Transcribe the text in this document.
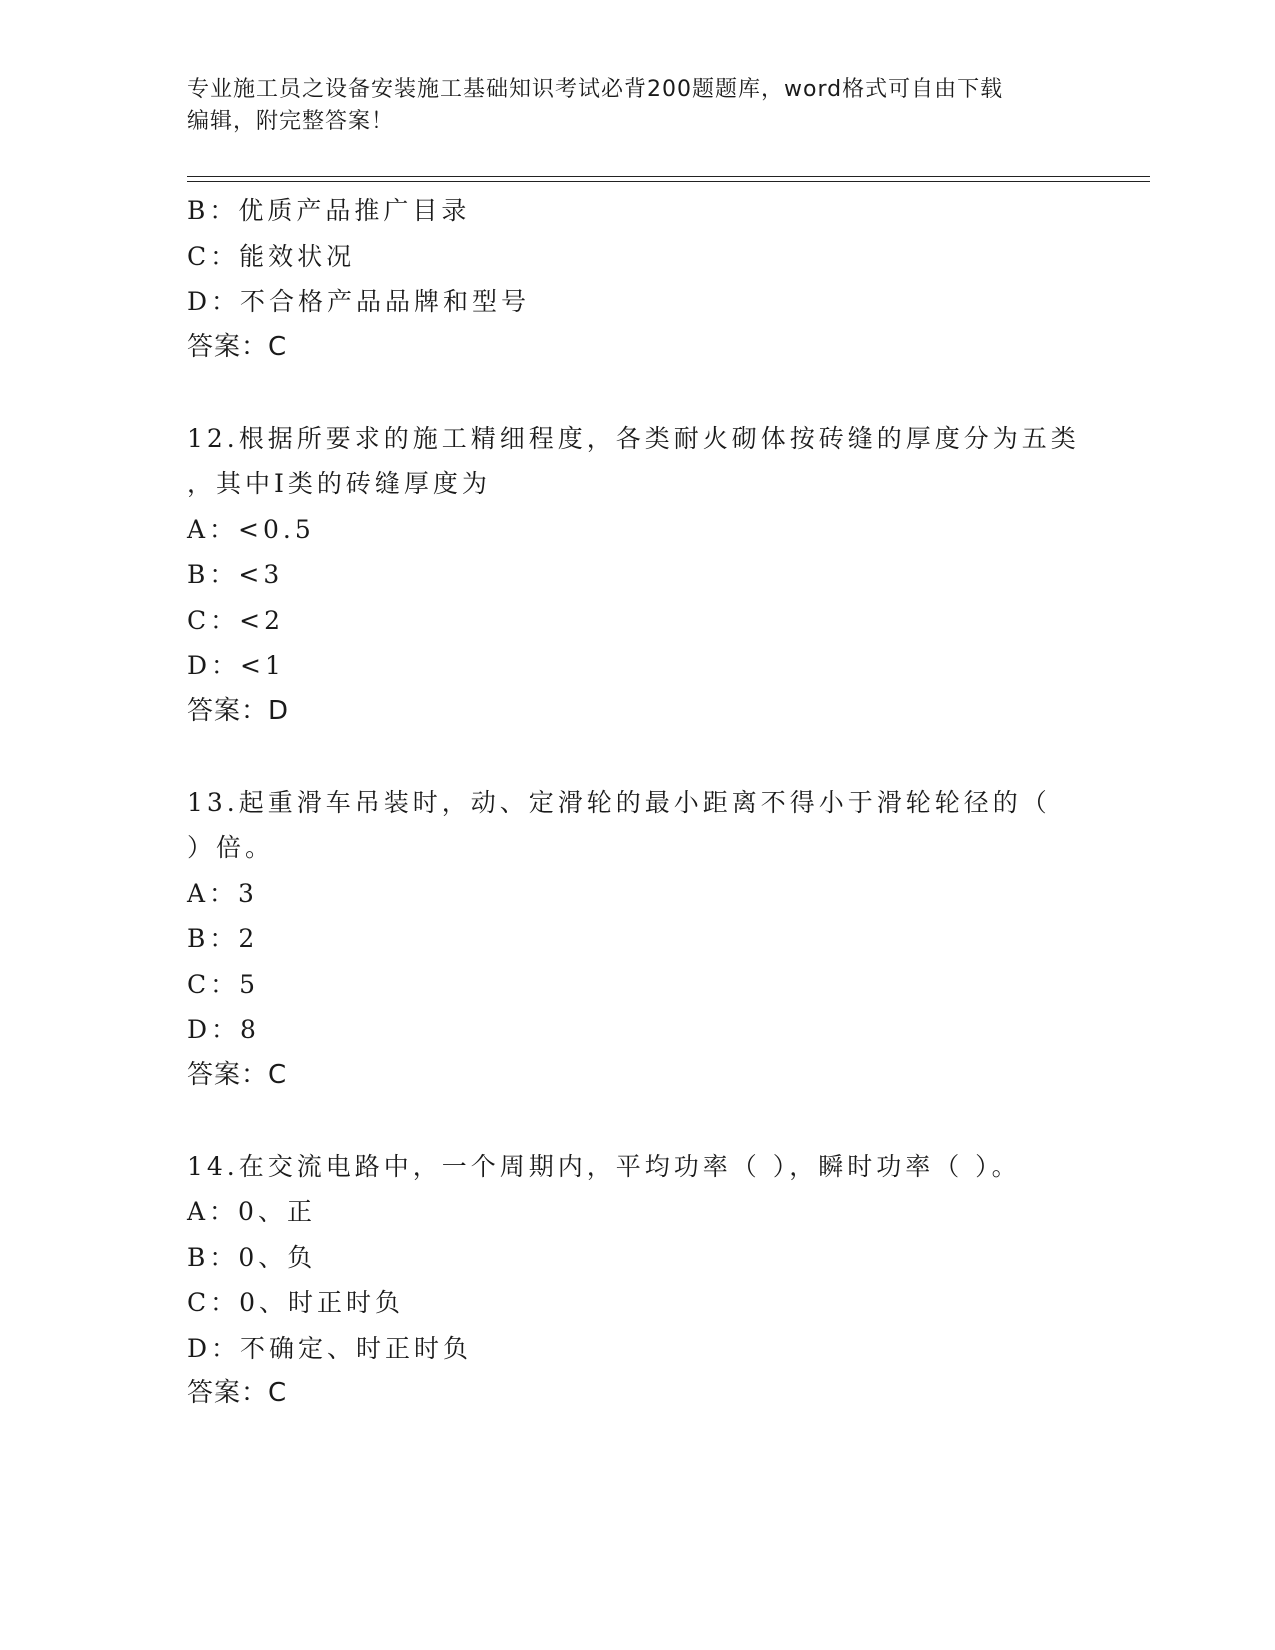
专业施工员之设备安装施工基础知识考试必背200题题库，word格式可自由下载
编辑，附完整答案！
B：优质产品推广目录
C：能效状况
D：不合格产品品牌和型号
答案：C
12.根据所要求的施工精细程度，各类耐火砌体按砖缝的厚度分为五类
，其中Ⅰ类的砖缝厚度为
A：<0.5
B：<3
C：<2
D：<1
答案：D
13.起重滑车吊装时，动、定滑轮的最小距离不得小于滑轮轮径的（
）倍。
A：3
B：2
C：5
D：8
答案：C
14.在交流电路中，一个周期内，平均功率（ ），瞬时功率（ ）。
A：0、正
B：0、负
C：0、时正时负
D：不确定、时正时负
答案：C
